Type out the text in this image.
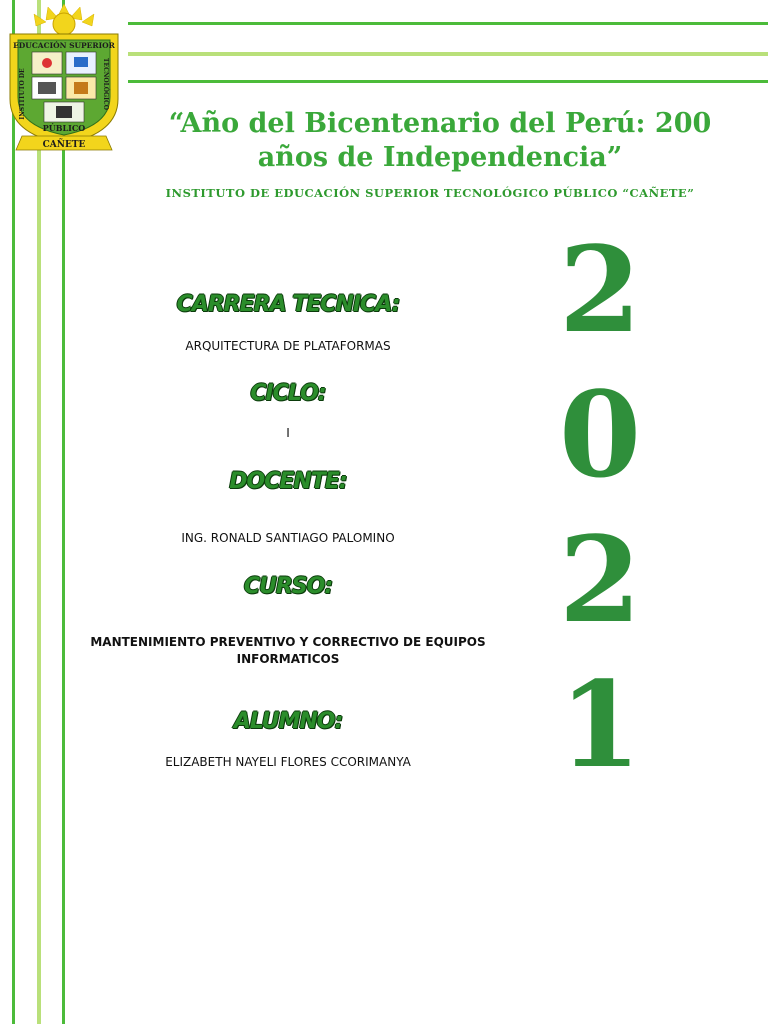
EDUCACIÓN SUPERIOR
INSTITUTO DE	TECNOLÓGICO
PÚBLICO
CAÑETE
“Año del Bicentenario del Perú: 200
años de Independencia”
INSTITUTO DE EDUCACIÓN SUPERIOR TECNOLÓGICO PÚBLICO “CAÑETE”
CARRERA TECNICA:
ARQUITECTURA DE PLATAFORMAS
CICLO:
I
DOCENTE:
ING. RONALD SANTIAGO PALOMINO
CURSO:
MANTENIMIENTO PREVENTIVO Y CORRECTIVO DE EQUIPOS
INFORMATICOS
ALUMNO:
ELIZABETH NAYELI FLORES CCORIMANYA
2
0
2
1
